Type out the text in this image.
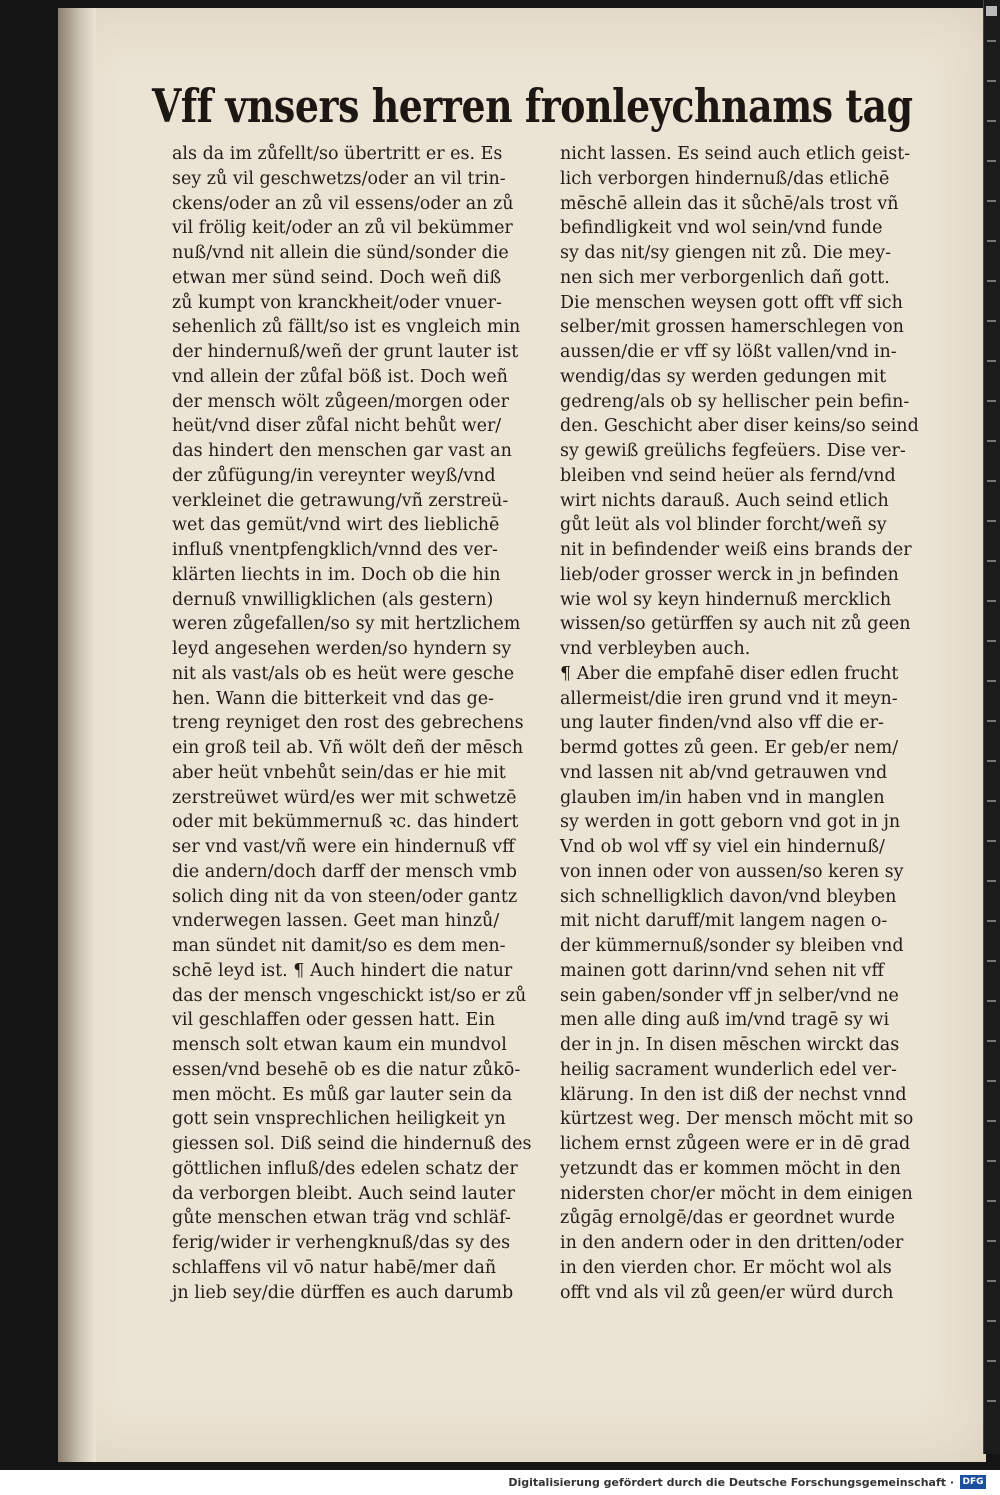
Vff vnsers herren fronleychnams tag
als da im zůfellt/so übertritt er es. Es
sey zů vil geschwetzs/oder an vil trin-
ckens/oder an zů vil essens/oder an zů
vil frölig keit/oder an zů vil bekümmer
nuß/vnd nit allein die sünd/sonder die
etwan mer sünd seind. Doch weñ diß
zů kumpt von kranckheit/oder vnuer-
sehenlich zů fällt/so ist es vngleich min
der hindernuß/weñ der grunt lauter ist
vnd allein der zůfal böß ist. Doch weñ
der mensch wölt zůgeen/morgen oder
heüt/vnd diser zůfal nicht behůt wer/
das hindert den menschen gar vast an
der zůfügung/in vereynter weyß/vnd
verkleinet die getrawung/vñ zerstreü-
wet das gemüt/vnd wirt des lieblichē
influß vnentpfengklich/vnnd des ver-
klärten liechts in im. Doch ob die hin
dernuß vnwilligklichen (als gestern)
weren zůgefallen/so sy mit hertzlichem
leyd angesehen werden/so hyndern sy
nit als vast/als ob es heüt were gesche
hen. Wann die bitterkeit vnd das ge-
treng reyniget den rost des gebrechens
ein groß teil ab. Vñ wölt deñ der mēsch
aber heüt vnbehůt sein/das er hie mit
zerstreüwet würd/es wer mit schwetzē
oder mit bekümmernuß ꝛc. das hindert
ser vnd vast/vñ were ein hindernuß vff
die andern/doch darff der mensch vmb
solich ding nit da von steen/oder gantz
vnderwegen lassen. Geet man hinzů/
man sündet nit damit/so es dem men-
schē leyd ist. ¶ Auch hindert die natur
das der mensch vngeschickt ist/so er zů
vil geschlaffen oder gessen hatt. Ein
mensch solt etwan kaum ein mundvol
essen/vnd besehē ob es die natur zůkō-
men möcht. Es můß gar lauter sein da
gott sein vnsprechlichen heiligkeit yn
giessen sol. Diß seind die hindernuß des
göttlichen influß/des edelen schatz der
da verborgen bleibt. Auch seind lauter
gůte menschen etwan träg vnd schläf-
ferig/wider ir verhengknuß/das sy des
schlaffens vil vō natur habē/mer dañ
jn lieb sey/die dürffen es auch darumb
nicht lassen. Es seind auch etlich geist-
lich verborgen hindernuß/das etlichē
mēschē allein das it sůchē/als trost vñ
befindligkeit vnd wol sein/vnd funde
sy das nit/sy giengen nit zů. Die mey-
nen sich mer verborgenlich dañ gott.
Die menschen weysen gott offt vff sich
selber/mit grossen hamerschlegen von
aussen/die er vff sy lößt vallen/vnd in-
wendig/das sy werden gedungen mit
gedreng/als ob sy hellischer pein befin-
den. Geschicht aber diser keins/so seind
sy gewiß greülichs fegfeüers. Dise ver-
bleiben vnd seind heüer als fernd/vnd
wirt nichts darauß. Auch seind etlich
gůt leüt als vol blinder forcht/weñ sy
nit in befindender weiß eins brands der
lieb/oder grosser werck in jn befinden
wie wol sy keyn hindernuß mercklich
wissen/so getürffen sy auch nit zů geen
vnd verbleyben auch.
¶ Aber die empfahē diser edlen frucht
allermeist/die iren grund vnd it meyn-
ung lauter finden/vnd also vff die er-
bermd gottes zů geen. Er geb/er nem/
vnd lassen nit ab/vnd getrauwen vnd
glauben im/in haben vnd in manglen
sy werden in gott geborn vnd got in jn
Vnd ob wol vff sy viel ein hindernuß/
von innen oder von aussen/so keren sy
sich schnelligklich davon/vnd bleyben
mit nicht daruff/mit langem nagen o-
der kümmernuß/sonder sy bleiben vnd
mainen gott darinn/vnd sehen nit vff
sein gaben/sonder vff jn selber/vnd ne
men alle ding auß im/vnd tragē sy wi
der in jn. In disen mēschen wirckt das
heilig sacrament wunderlich edel ver-
klärung. In den ist diß der nechst vnnd
kürtzest weg. Der mensch möcht mit so
lichem ernst zůgeen were er in dē grad
yetzundt das er kommen möcht in den
nidersten chor/er möcht in dem einigen
zůgāg ernolgē/das er geordnet wurde
in den andern oder in den dritten/oder
in den vierden chor. Er möcht wol als
offt vnd als vil zů geen/er würd durch
Digitalisierung gefördert durch die Deutsche Forschungsgemeinschaft · DFG
